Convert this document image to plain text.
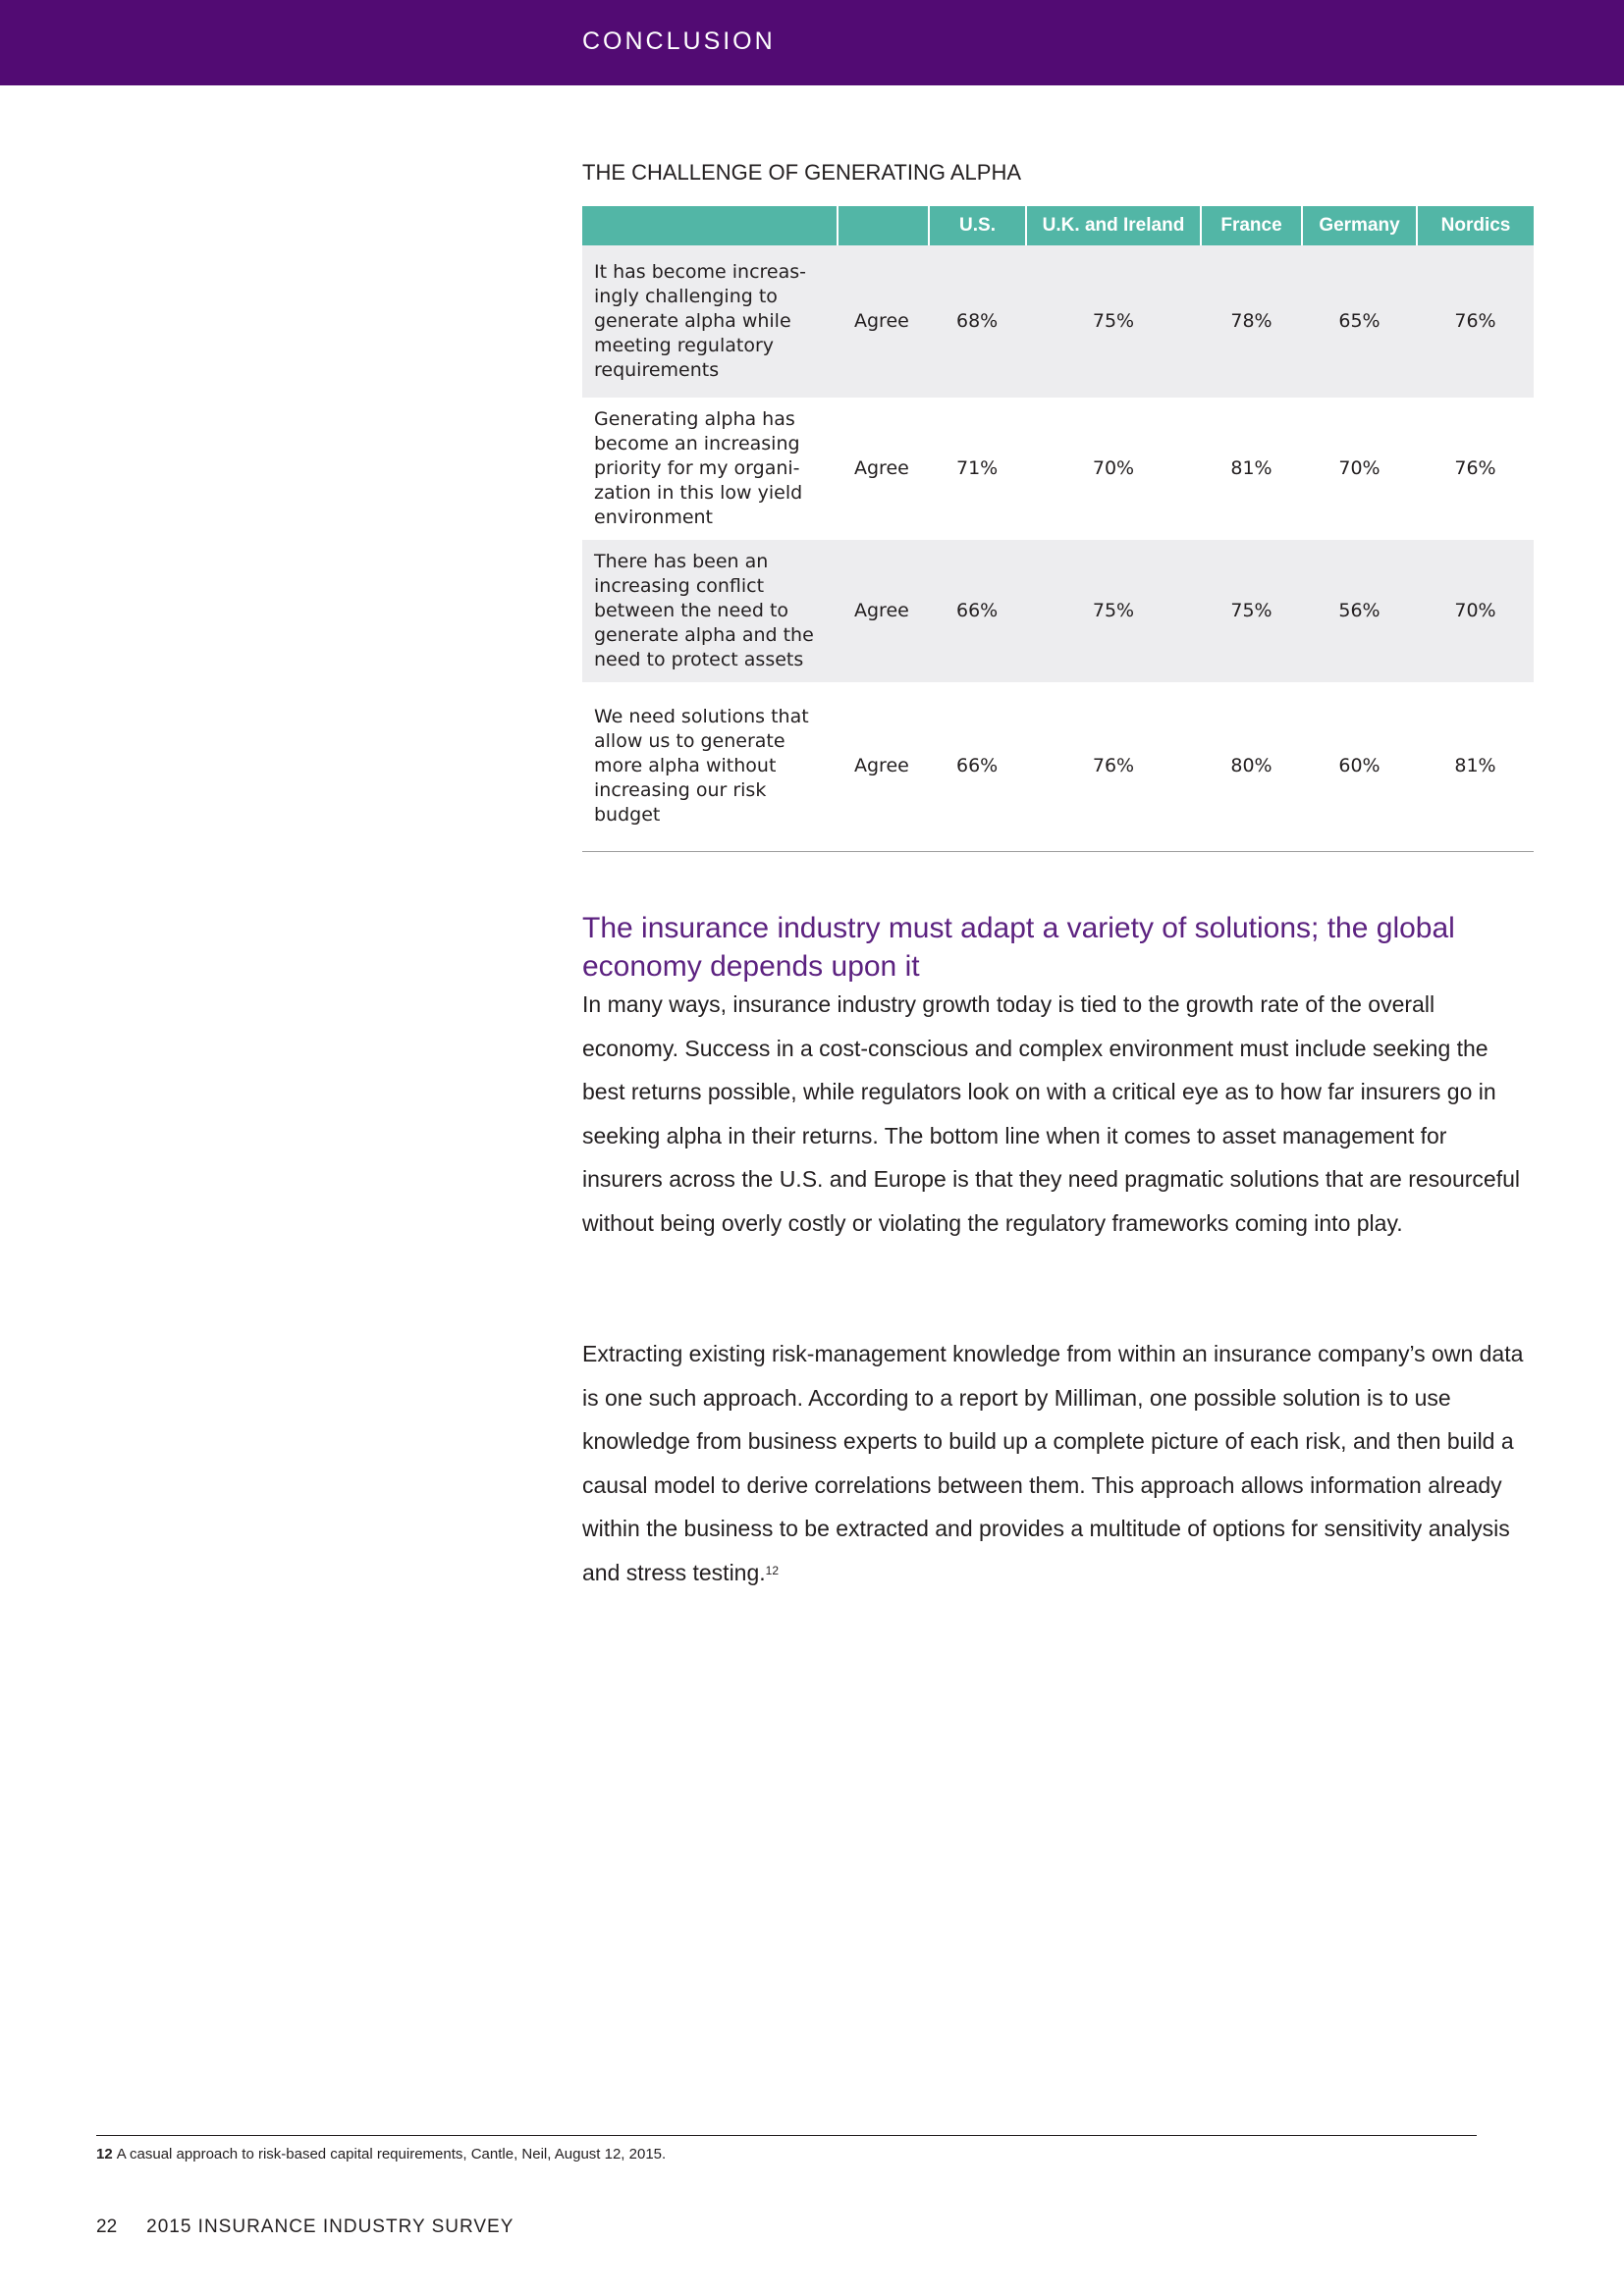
CONCLUSION
THE CHALLENGE OF GENERATING ALPHA
		U.S.	U.K. and Ireland	France	Germany	Nordics
It has become increas-
ingly challenging to
generate alpha while
meeting regulatory
requirements	Agree	68%	75%	78%	65%	76%
Generating alpha has
become an increasing
priority for my organi-
zation in this low yield
environment	Agree	71%	70%	81%	70%	76%
There has been an
increasing conflict
between the need to
generate alpha and the
need to protect assets	Agree	66%	75%	75%	56%	70%
We need solutions that
allow us to generate
more alpha without
increasing our risk
budget	Agree	66%	76%	80%	60%	81%
The insurance industry must adapt a variety of solutions; the global economy depends upon it

In many ways, insurance industry growth today is tied to the growth rate of the overall economy. Success in a cost-conscious and complex environment must include seeking the best returns possible, while regulators look on with a critical eye as to how far insurers go in seeking alpha in their returns. The bottom line when it comes to asset management for insurers across the U.S. and Europe is that they need pragmatic solutions that are resourceful without being overly costly or violating the regulatory frameworks coming into play.

Extracting existing risk-management knowledge from within an insurance company’s own data is one such approach. According to a report by Milliman, one possible solution is to use knowledge from business experts to build up a complete picture of each risk, and then build a causal model to derive correlations between them. This approach allows information already within the business to be extracted and provides a multitude of options for sensitivity analysis and stress testing.$^{12}$

12 A casual approach to risk-based capital requirements, Cantle, Neil, August 12, 2015.
22 2015 INSURANCE INDUSTRY SURVEY
